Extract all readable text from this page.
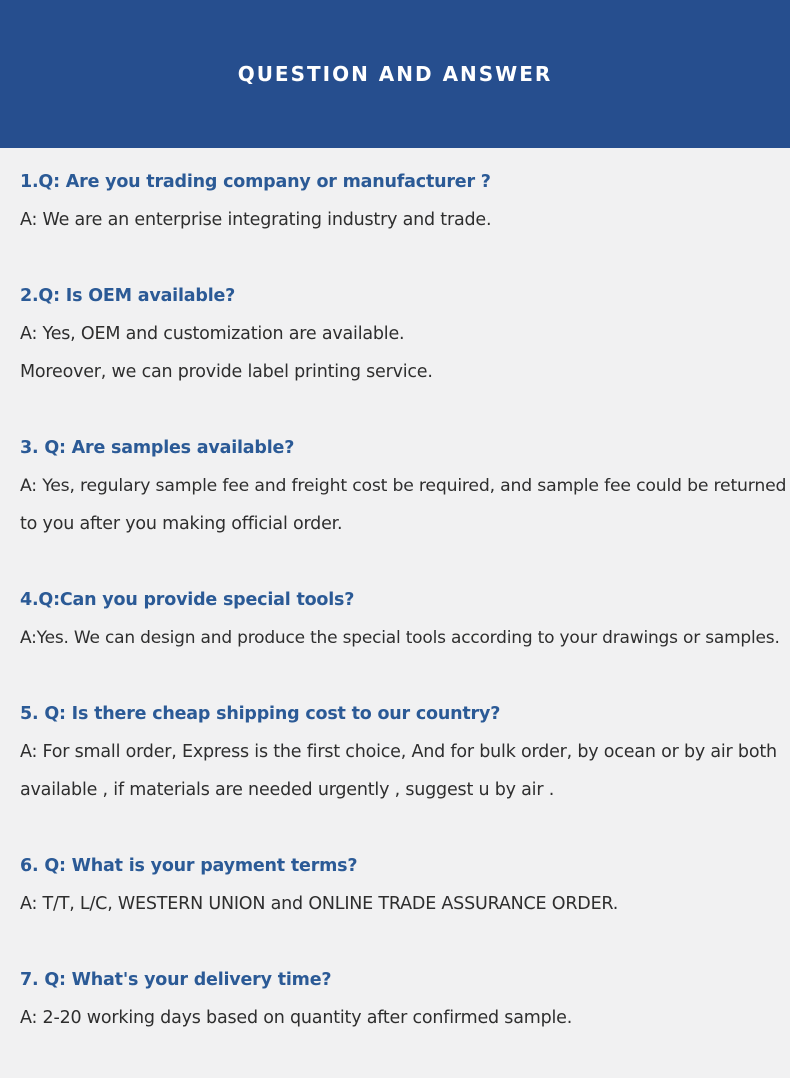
QUESTION AND ANSWER
1.Q: Are you trading company or manufacturer ?
A: We are an enterprise integrating industry and trade.
2.Q: Is OEM available?
A: Yes, OEM and customization are available.
Moreover, we can provide label printing service.
3. Q: Are samples available?
A: Yes, regulary sample fee and freight cost be required, and sample fee could be returned
to you after you making official order.
4.Q:Can you provide special tools?
A:Yes. We can design and produce the special tools according to your drawings or samples.
5. Q: Is there cheap shipping cost to our country?
A: For small order, Express is the first choice, And for bulk order, by ocean or by air both
available , if materials are needed urgently , suggest u by air .
6. Q: What is your payment terms?
A: T/T, L/C, WESTERN UNION and ONLINE TRADE ASSURANCE ORDER.
7. Q: What's your delivery time?
A: 2-20 working days based on quantity after confirmed sample.
